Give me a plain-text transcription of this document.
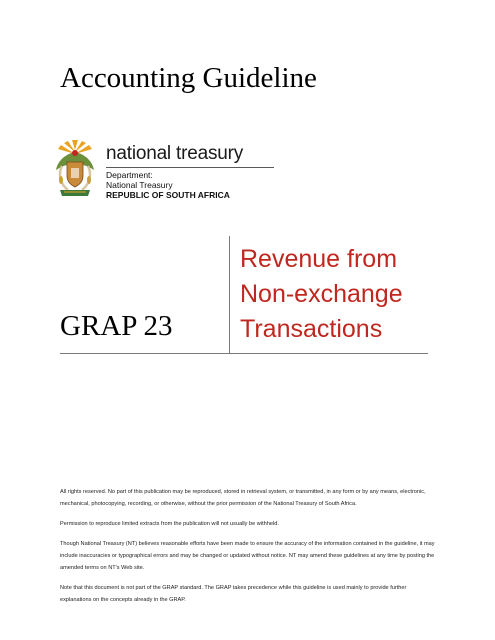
Accounting Guideline
national treasury
Department:
National Treasury
REPUBLIC OF SOUTH AFRICA
GRAP 23
Revenue from
Non-exchange
Transactions

All rights reserved. No part of this publication may be reproduced, stored in retrieval system, or transmitted, in any form or by any means, electronic, mechanical, photocopying, recording, or otherwise, without the prior permission of the National Treasury of South Africa.

Permission to reproduce limited extracts from the publication will not usually be withheld.

Though National Treasury (NT) believes reasonable efforts have been made to ensure the accuracy of the information contained in the guideline, it may include inaccuracies or typographical errors and may be changed or updated without notice. NT may amend these guidelines at any time by posting the amended terms on NT's Web site.

Note that this document is not part of the GRAP standard. The GRAP takes precedence while this guideline is used mainly to provide further explanations on the concepts already in the GRAP.
